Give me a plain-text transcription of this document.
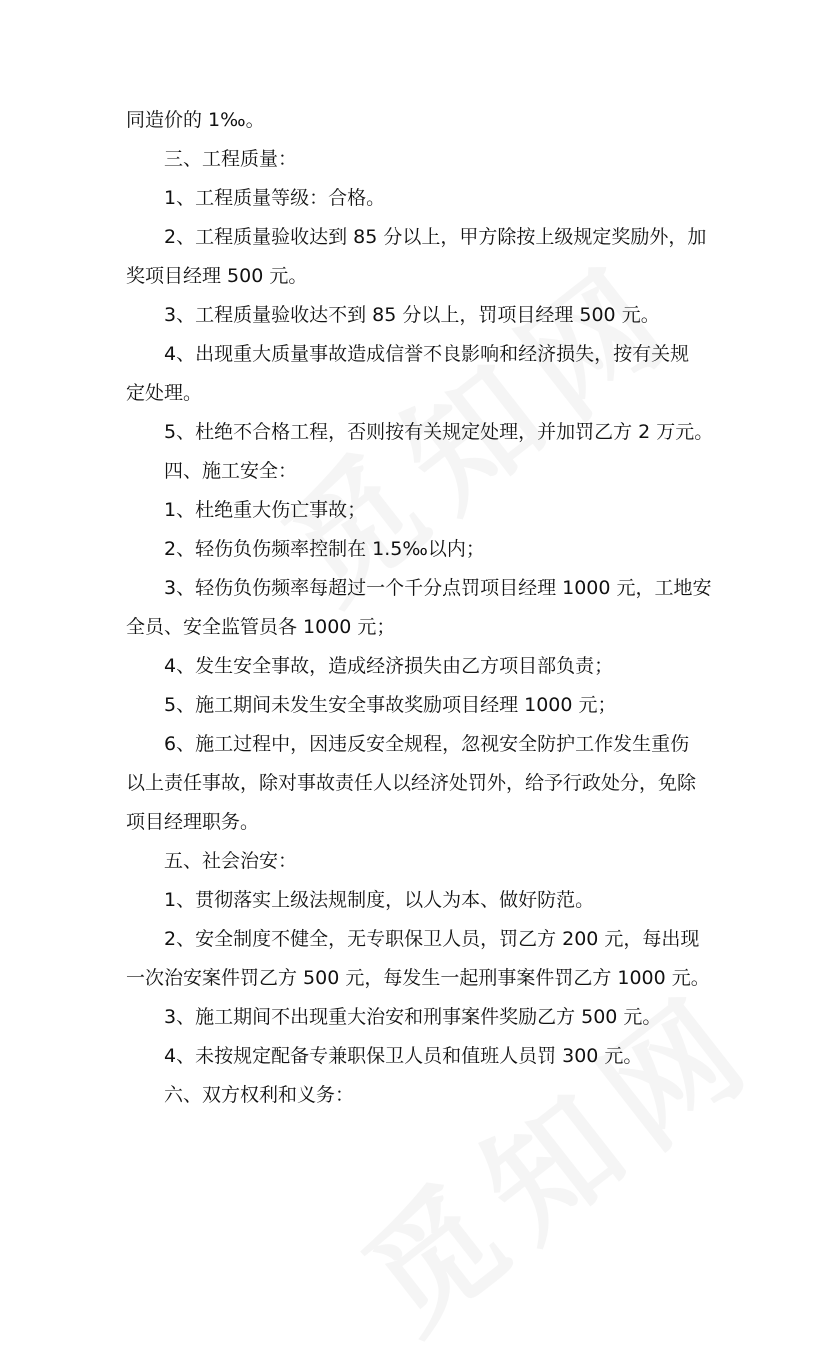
同造价的 1‰。
三、工程质量：
1、工程质量等级：合格。
2、工程质量验收达到 85 分以上，甲方除按上级规定奖励外，加
奖项目经理 500 元。
3、工程质量验收达不到 85 分以上，罚项目经理 500 元。
4、出现重大质量事故造成信誉不良影响和经济损失，按有关规
定处理。
5、杜绝不合格工程，否则按有关规定处理，并加罚乙方 2 万元。
四、施工安全：
1、杜绝重大伤亡事故；
2、轻伤负伤频率控制在 1.5‰以内；
3、轻伤负伤频率每超过一个千分点罚项目经理 1000 元，工地安
全员、安全监管员各 1000 元；
4、发生安全事故，造成经济损失由乙方项目部负责；
5、施工期间未发生安全事故奖励项目经理 1000 元；
6、施工过程中，因违反安全规程，忽视安全防护工作发生重伤
以上责任事故，除对事故责任人以经济处罚外，给予行政处分，免除
项目经理职务。
五、社会治安：
1、贯彻落实上级法规制度，以人为本、做好防范。
2、安全制度不健全，无专职保卫人员，罚乙方 200 元，每出现
一次治安案件罚乙方 500 元，每发生一起刑事案件罚乙方 1000 元。
3、施工期间不出现重大治安和刑事案件奖励乙方 500 元。
4、未按规定配备专兼职保卫人员和值班人员罚 300 元。
六、双方权利和义务：
